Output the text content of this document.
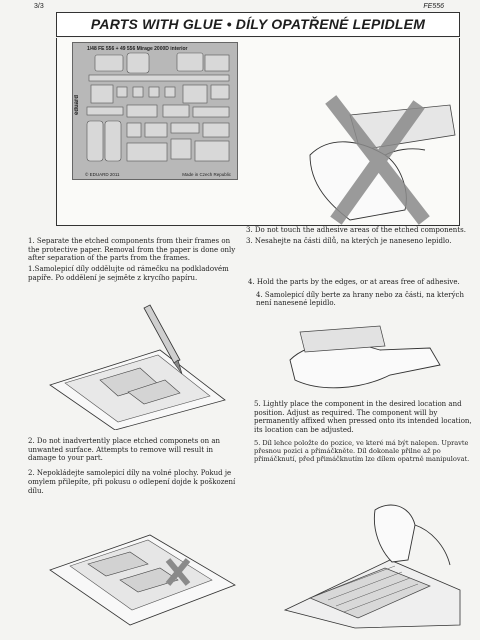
3/3	FE556
PARTS WITH GLUE • DÍLY OPATŘENÉ LEPIDLEM
1/48 FE 556 + 49 556 Mirage 2000D interior
eduard
© EDUARD 2011	Made in Czech Republic

1. Separate the etched components from their frames on the protective paper. Removal from the paper is done only after separation of the parts from the frames.

1.Samolepicí díly oddělujte od rámečku na podkladovém papíře. Po oddělení je sejměte z krycího papíru.

3. Do not touch the adhesive areas of the etched components.

3. Nesahejte na části dílů, na kterých je naneseno lepidlo.

4. Hold the parts by the edges, or at areas free of adhesive.

4. Samolepicí díly berte za hrany nebo za části, na kterých není nanesené lepidlo.

5. Lightly place the component in the desired location and position. Adjust as required. The component will by permanently affixed when pressed onto its intended location, its location can be adjusted.

5. Díl lehce položte do pozice, ve které má být nalepen. Upravte přesnou pozici a přimáčkněte. Díl dokonale přilne až po přimáčknutí, před přimáčknutím lze dílem opatrně manipulovat.

2. Do not inadvertently place etched componets on an unwanted surface. Attempts to remove will result in damage to your part.

2. Nepokládejte samolepicí díly na volné plochy. Pokud je omylem přilepíte, při pokusu o odlepení dojde k poškození dílu.
